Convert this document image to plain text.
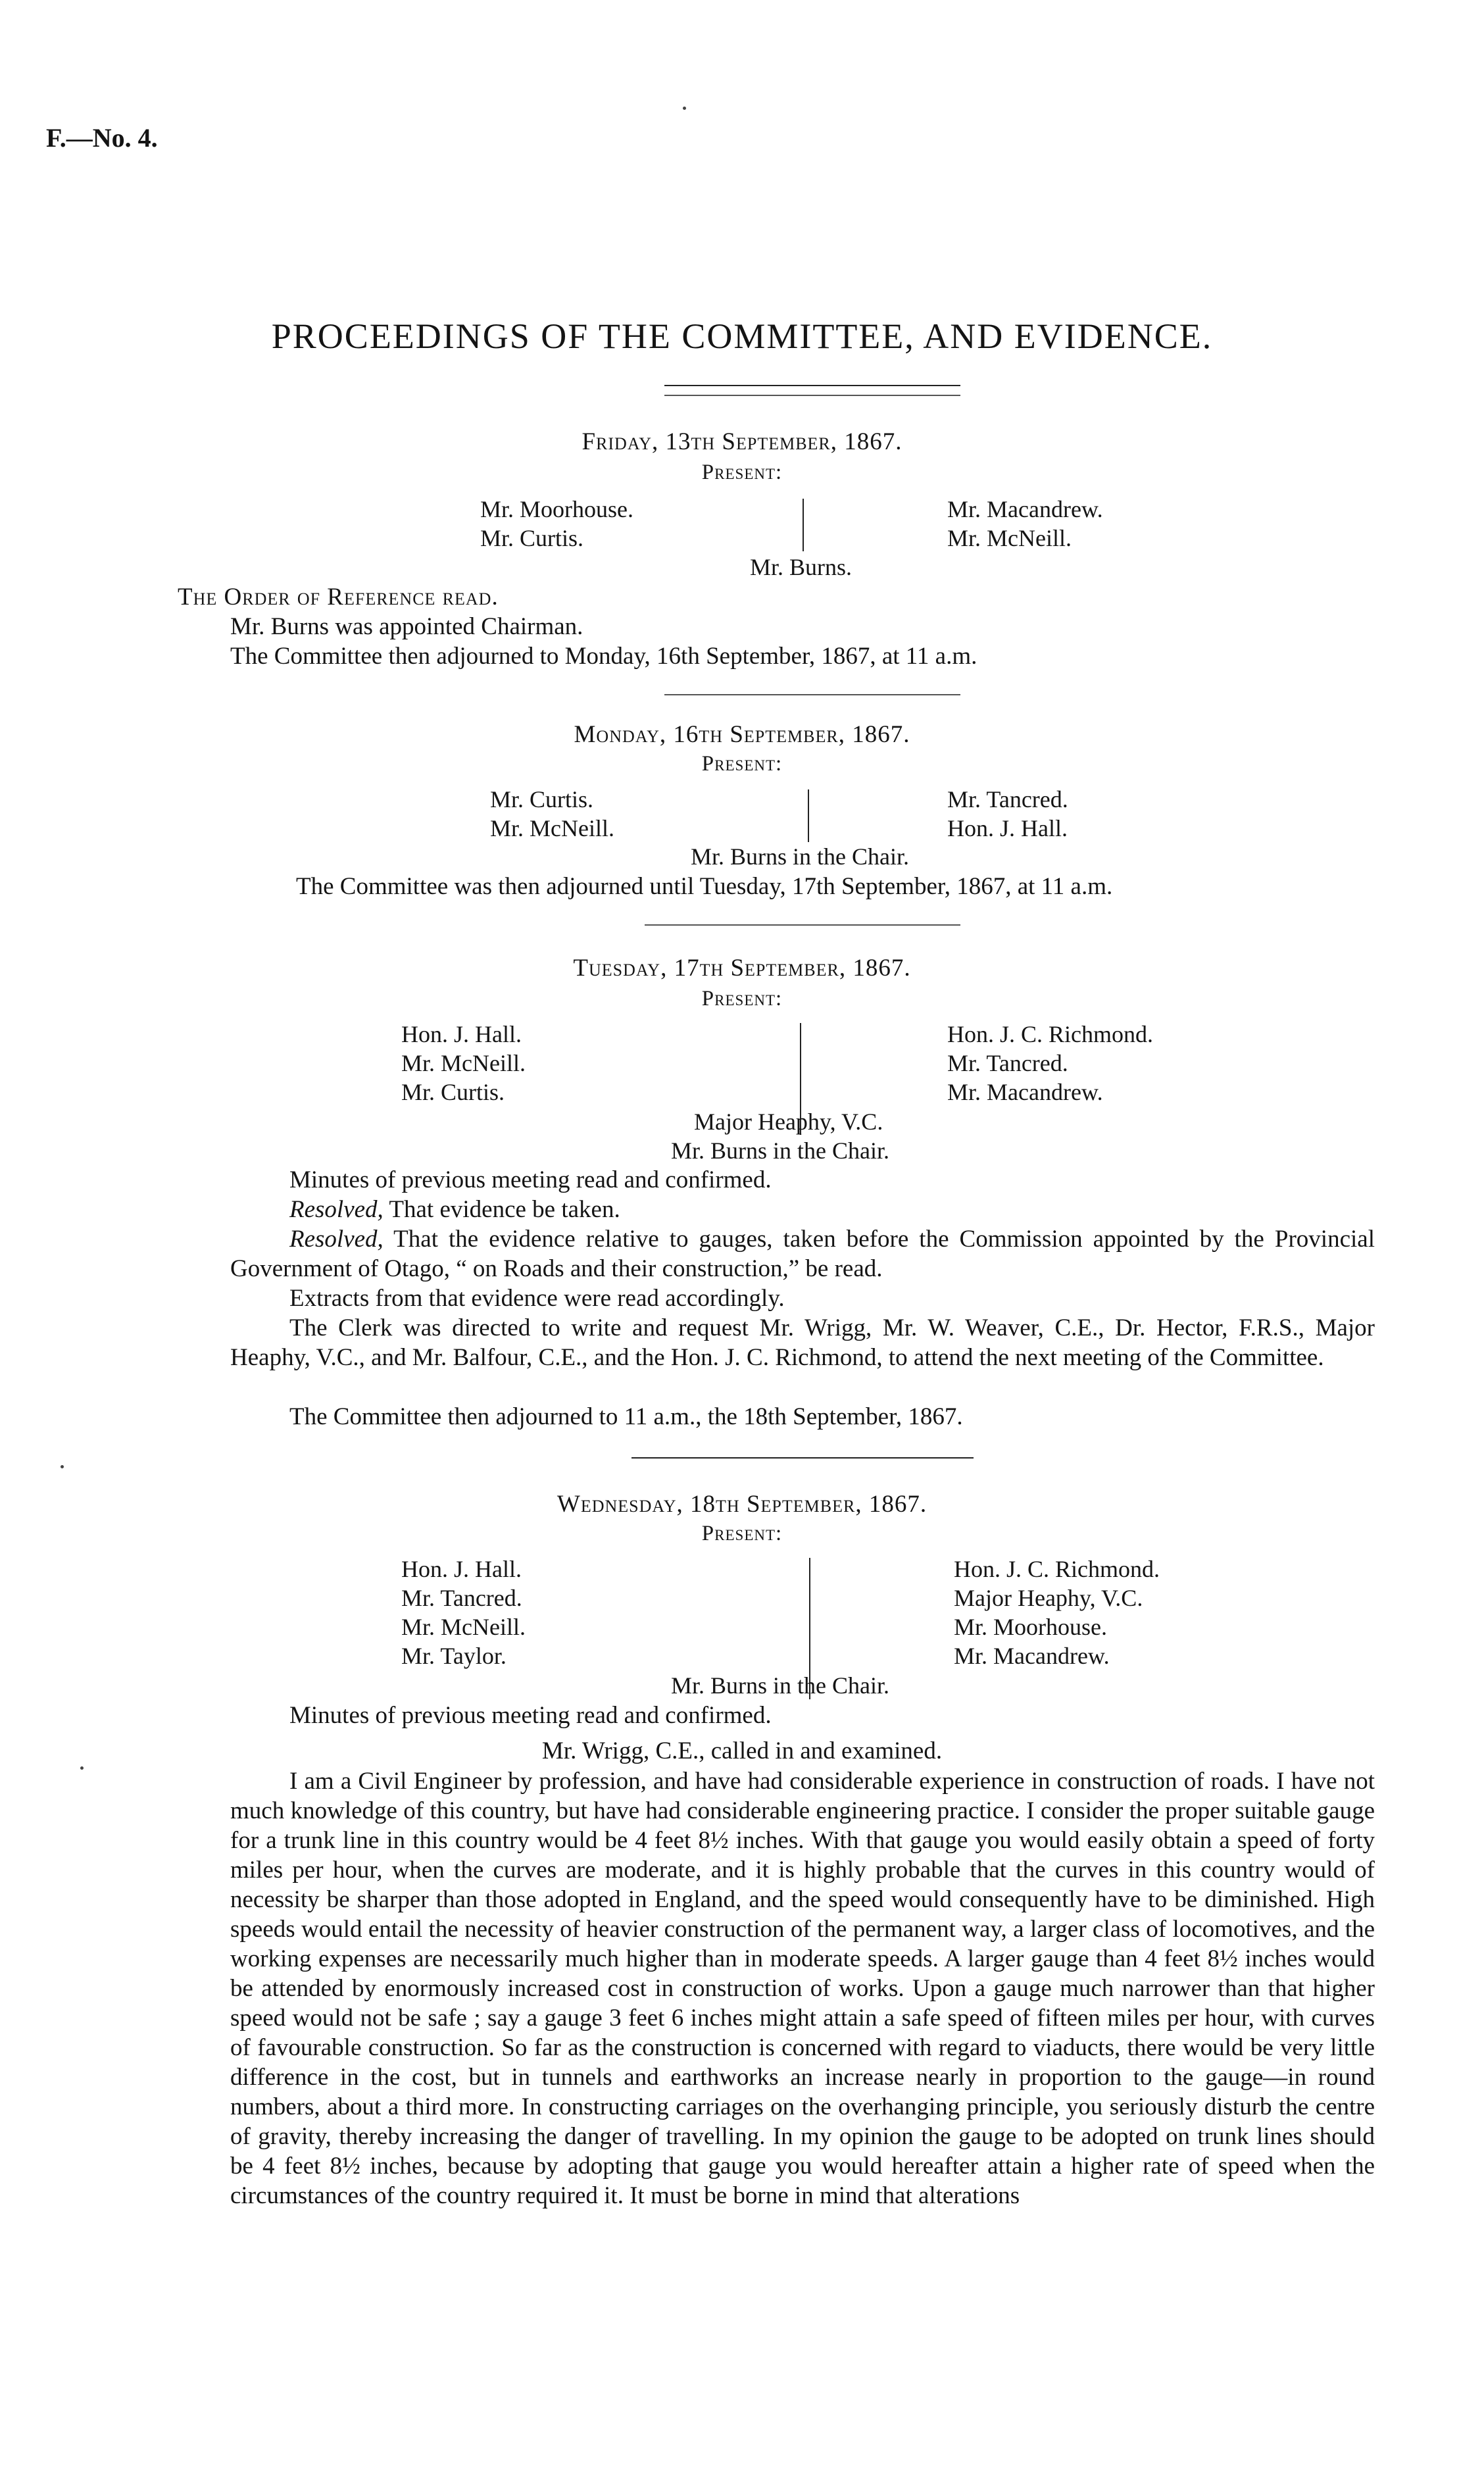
F.—No. 4.
PROCEEDINGS OF THE COMMITTEE, AND EVIDENCE.
Friday, 13th September, 1867.
Present:
Mr. Moorhouse.
Mr. Curtis.
Mr. Macandrew.
Mr. McNeill.
Mr. Burns.
The Order of Reference read.
Mr. Burns was appointed Chairman.
The Committee then adjourned to Monday, 16th September, 1867, at 11 a.m.
Monday, 16th September, 1867.
Present:
Mr. Curtis.
Mr. McNeill.
Mr. Tancred.
Hon. J. Hall.
Mr. Burns in the Chair.
The Committee was then adjourned until Tuesday, 17th September, 1867, at 11 a.m.
Tuesday, 17th September, 1867.
Present:
Hon. J. Hall.
Mr. McNeill.
Mr. Curtis.
Hon. J. C. Richmond.
Mr. Tancred.
Mr. Macandrew.
Major Heaphy, V.C.
Mr. Burns in the Chair.
Minutes of previous meeting read and confirmed.
Resolved, That evidence be taken.
Resolved, That the evidence relative to gauges, taken before the Commission appointed by the Provincial Government of Otago, “ on Roads and their construction,” be read.
Extracts from that evidence were read accordingly.
The Clerk was directed to write and request Mr. Wrigg, Mr. W. Weaver, C.E., Dr. Hector, F.R.S., Major Heaphy, V.C., and Mr. Balfour, C.E., and the Hon. J. C. Richmond, to attend the next meeting of the Committee.
The Committee then adjourned to 11 a.m., the 18th September, 1867.
Wednesday, 18th September, 1867.
Present:
Hon. J. Hall.
Mr. Tancred.
Mr. McNeill.
Mr. Taylor.
Hon. J. C. Richmond.
Major Heaphy, V.C.
Mr. Moorhouse.
Mr. Macandrew.
Mr. Burns in the Chair.
Minutes of previous meeting read and confirmed.
Mr. Wrigg, C.E., called in and examined.
I am a Civil Engineer by profession, and have had considerable experience in construction of roads. I have not much knowledge of this country, but have had considerable engineering practice. I consider the proper suitable gauge for a trunk line in this country would be 4 feet 8½ inches. With that gauge you would easily obtain a speed of forty miles per hour, when the curves are moderate, and it is highly probable that the curves in this country would of necessity be sharper than those adopted in England, and the speed would consequently have to be diminished. High speeds would entail the necessity of heavier construction of the permanent way, a larger class of locomotives, and the working expenses are necessarily much higher than in moderate speeds. A larger gauge than 4 feet 8½ inches would be attended by enormously increased cost in construction of works. Upon a gauge much narrower than that higher speed would not be safe ; say a gauge 3 feet 6 inches might attain a safe speed of fifteen miles per hour, with curves of favourable construction. So far as the construction is concerned with regard to viaducts, there would be very little difference in the cost, but in tunnels and earthworks an increase nearly in proportion to the gauge—in round numbers, about a third more. In constructing carriages on the overhanging principle, you seriously disturb the centre of gravity, thereby increasing the danger of travelling. In my opinion the gauge to be adopted on trunk lines should be 4 feet 8½ inches, because by adopting that gauge you would hereafter attain a higher rate of speed when the circumstances of the country required it. It must be borne in mind that alterations
